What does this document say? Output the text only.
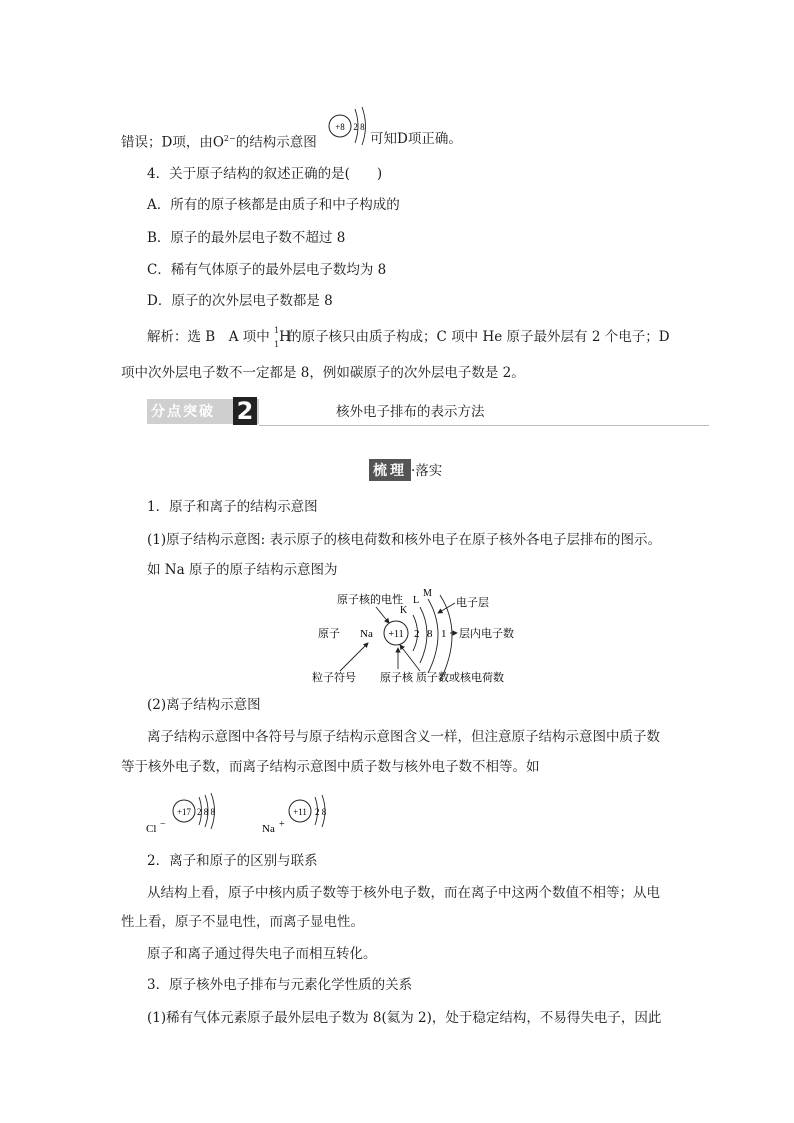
错误；D项，由$O^{2-}$的结构示意图
+8 2 8
可知D项正确。
4．关于原子结构的叙述正确的是(　　)
A．所有的原子核都是由质子和中子构成的
B．原子的最外层电子数不超过 8
C．稀有气体原子的最外层电子数均为 8
D．原子的次外层电子数都是 8
解析：选 B　A 项中 1
1 H
的原子核只由质子构成；C 项中 He 原子最外层有 2 个电子；D
项中次外层电子数不一定都是 8，例如碳原子的次外层电子数是 2。
分点突破 2	核外电子排布的表示方法
梳理 ·落实
1．原子和离子的结构示意图
(1)原子结构示意图: 表示原子的核电荷数和核外电子在原子核外各电子层排布的图示。
如 Na 原子的原子结构示意图为
原子核的电性
K
L
M
电子层
原子 Na +11 2 8 1 层内电子数
粒子符号 原子核 质子数或核电荷数
(2)离子结构示意图
离子结构示意图中各符号与原子结构示意图含义一样，但注意原子结构示意图中质子数
等于核外电子数，而离子结构示意图中质子数与核外电子数不相等。如
Cl −
+17 2 8 8
Na +
+11 2 8
2．离子和原子的区别与联系
从结构上看，原子中核内质子数等于核外电子数，而在离子中这两个数值不相等；从电
性上看，原子不显电性，而离子显电性。
原子和离子通过得失电子而相互转化。
3．原子核外电子排布与元素化学性质的关系
(1)稀有气体元素原子最外层电子数为 8(氦为 2)，处于稳定结构，不易得失电子，因此
